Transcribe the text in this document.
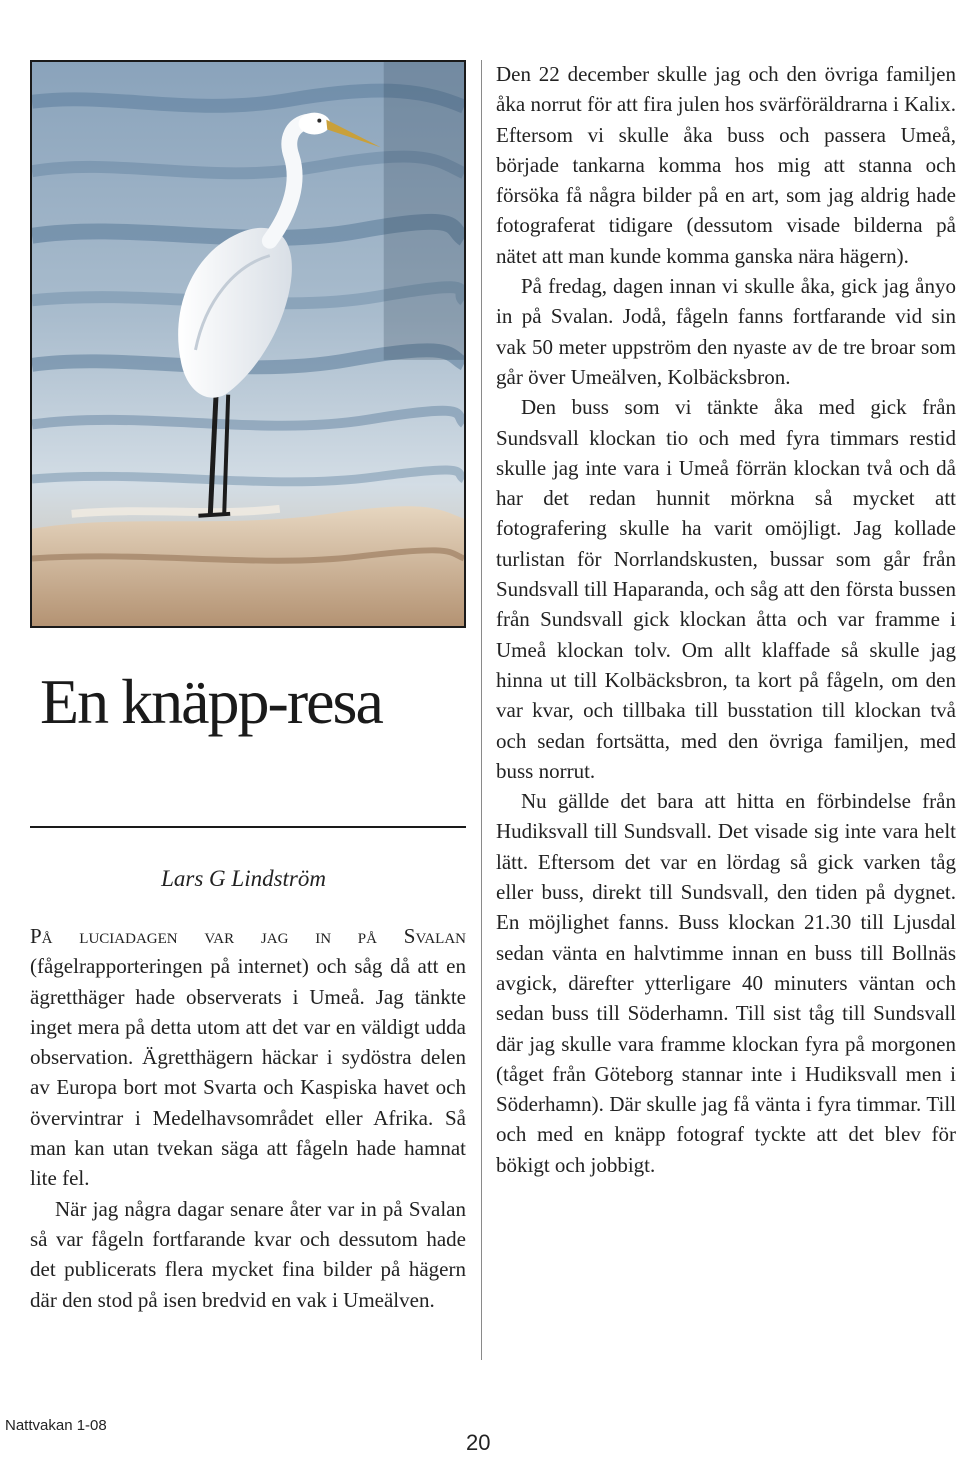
En knäpp-resa
Lars G Lindström

På luciadagen var jag in på Svalan (fågelrapporteringen på internet) och såg då att en ägretthäger hade observerats i Umeå. Jag tänkte inget mera på detta utom att det var en väldigt udda observation. Ägretthägern häckar i sydöstra delen av Europa bort mot Svarta och Kaspiska havet och övervintrar i Medelhavsområdet eller Afrika. Så man kan utan tvekan säga att fågeln hade hamnat lite fel.

När jag några dagar senare åter var in på Svalan så var fågeln fortfarande kvar och dessutom hade det publicerats flera mycket fina bilder på hägern där den stod på isen bredvid en vak i Umeälven.

Den 22 december skulle jag och den övriga familjen åka norrut för att fira julen hos svärföräldrarna i Kalix. Eftersom vi skulle åka buss och passera Umeå, började tankarna komma hos mig att stanna och försöka få några bilder på en art, som jag aldrig hade fotograferat tidigare (dessutom visade bilderna på nätet att man kunde komma ganska nära hägern).

På fredag, dagen innan vi skulle åka, gick jag ånyo in på Svalan. Jodå, fågeln fanns fortfarande vid sin vak 50 meter uppström den nyaste av de tre broar som går över Umeälven, Kolbäcksbron.

Den buss som vi tänkte åka med gick från Sundsvall klockan tio och med fyra timmars restid skulle jag inte vara i Umeå förrän klockan två och då har det redan hunnit mörkna så mycket att fotografering skulle ha varit omöjligt. Jag kollade turlistan för Norrlandskusten, bussar som går från Sundsvall till Haparanda, och såg att den första bussen från Sundsvall gick klockan åtta och var framme i Umeå klockan tolv. Om allt klaffade så skulle jag hinna ut till Kolbäcksbron, ta kort på fågeln, om den var kvar, och tillbaka till busstation till klockan två och sedan fortsätta, med den övriga familjen, med buss norrut.

Nu gällde det bara att hitta en förbindelse från Hudiksvall till Sundsvall. Det visade sig inte vara helt lätt. Eftersom det var en lördag så gick varken tåg eller buss, direkt till Sundsvall, den tiden på dygnet. En möjlighet fanns. Buss klockan 21.30 till Ljusdal sedan vänta en halvtimme innan en buss till Bollnäs avgick, därefter ytterligare 40 minuters väntan och sedan buss till Söderhamn. Till sist tåg till Sundsvall där jag skulle vara framme klockan fyra på morgonen (tåget från Göteborg stannar inte i Hudiksvall men i Söderhamn). Där skulle jag få vänta i fyra timmar. Till och med en knäpp fotograf tyckte att det blev för bökigt och jobbigt.

Nattvakan 1-08
20
